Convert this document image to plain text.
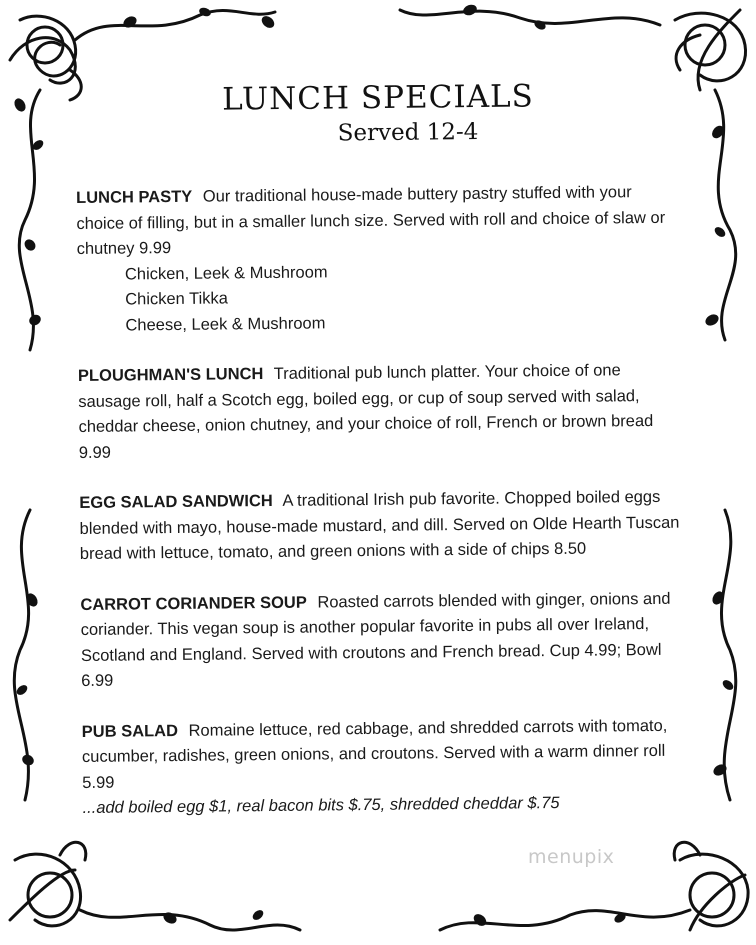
LUNCH SPECIALS
Served 12-4
LUNCH PASTY Our traditional house-made buttery pastry stuffed with your choice of filling, but in a smaller lunch size. Served with roll and choice of slaw or chutney 9.99
Chicken, Leek & Mushroom
Chicken Tikka
Cheese, Leek & Mushroom
PLOUGHMAN'S LUNCH Traditional pub lunch platter. Your choice of one sausage roll, half a Scotch egg, boiled egg, or cup of soup served with salad, cheddar cheese, onion chutney, and your choice of roll, French or brown bread 9.99
EGG SALAD SANDWICH A traditional Irish pub favorite. Chopped boiled eggs blended with mayo, house-made mustard, and dill. Served on Olde Hearth Tuscan bread with lettuce, tomato, and green onions with a side of chips 8.50
CARROT CORIANDER SOUP Roasted carrots blended with ginger, onions and coriander. This vegan soup is another popular favorite in pubs all over Ireland, Scotland and England. Served with croutons and French bread. Cup 4.99; Bowl 6.99
PUB SALAD Romaine lettuce, red cabbage, and shredded carrots with tomato, cucumber, radishes, green onions, and croutons. Served with a warm dinner roll 5.99
...add boiled egg $1, real bacon bits $.75, shredded cheddar $.75
menupix
